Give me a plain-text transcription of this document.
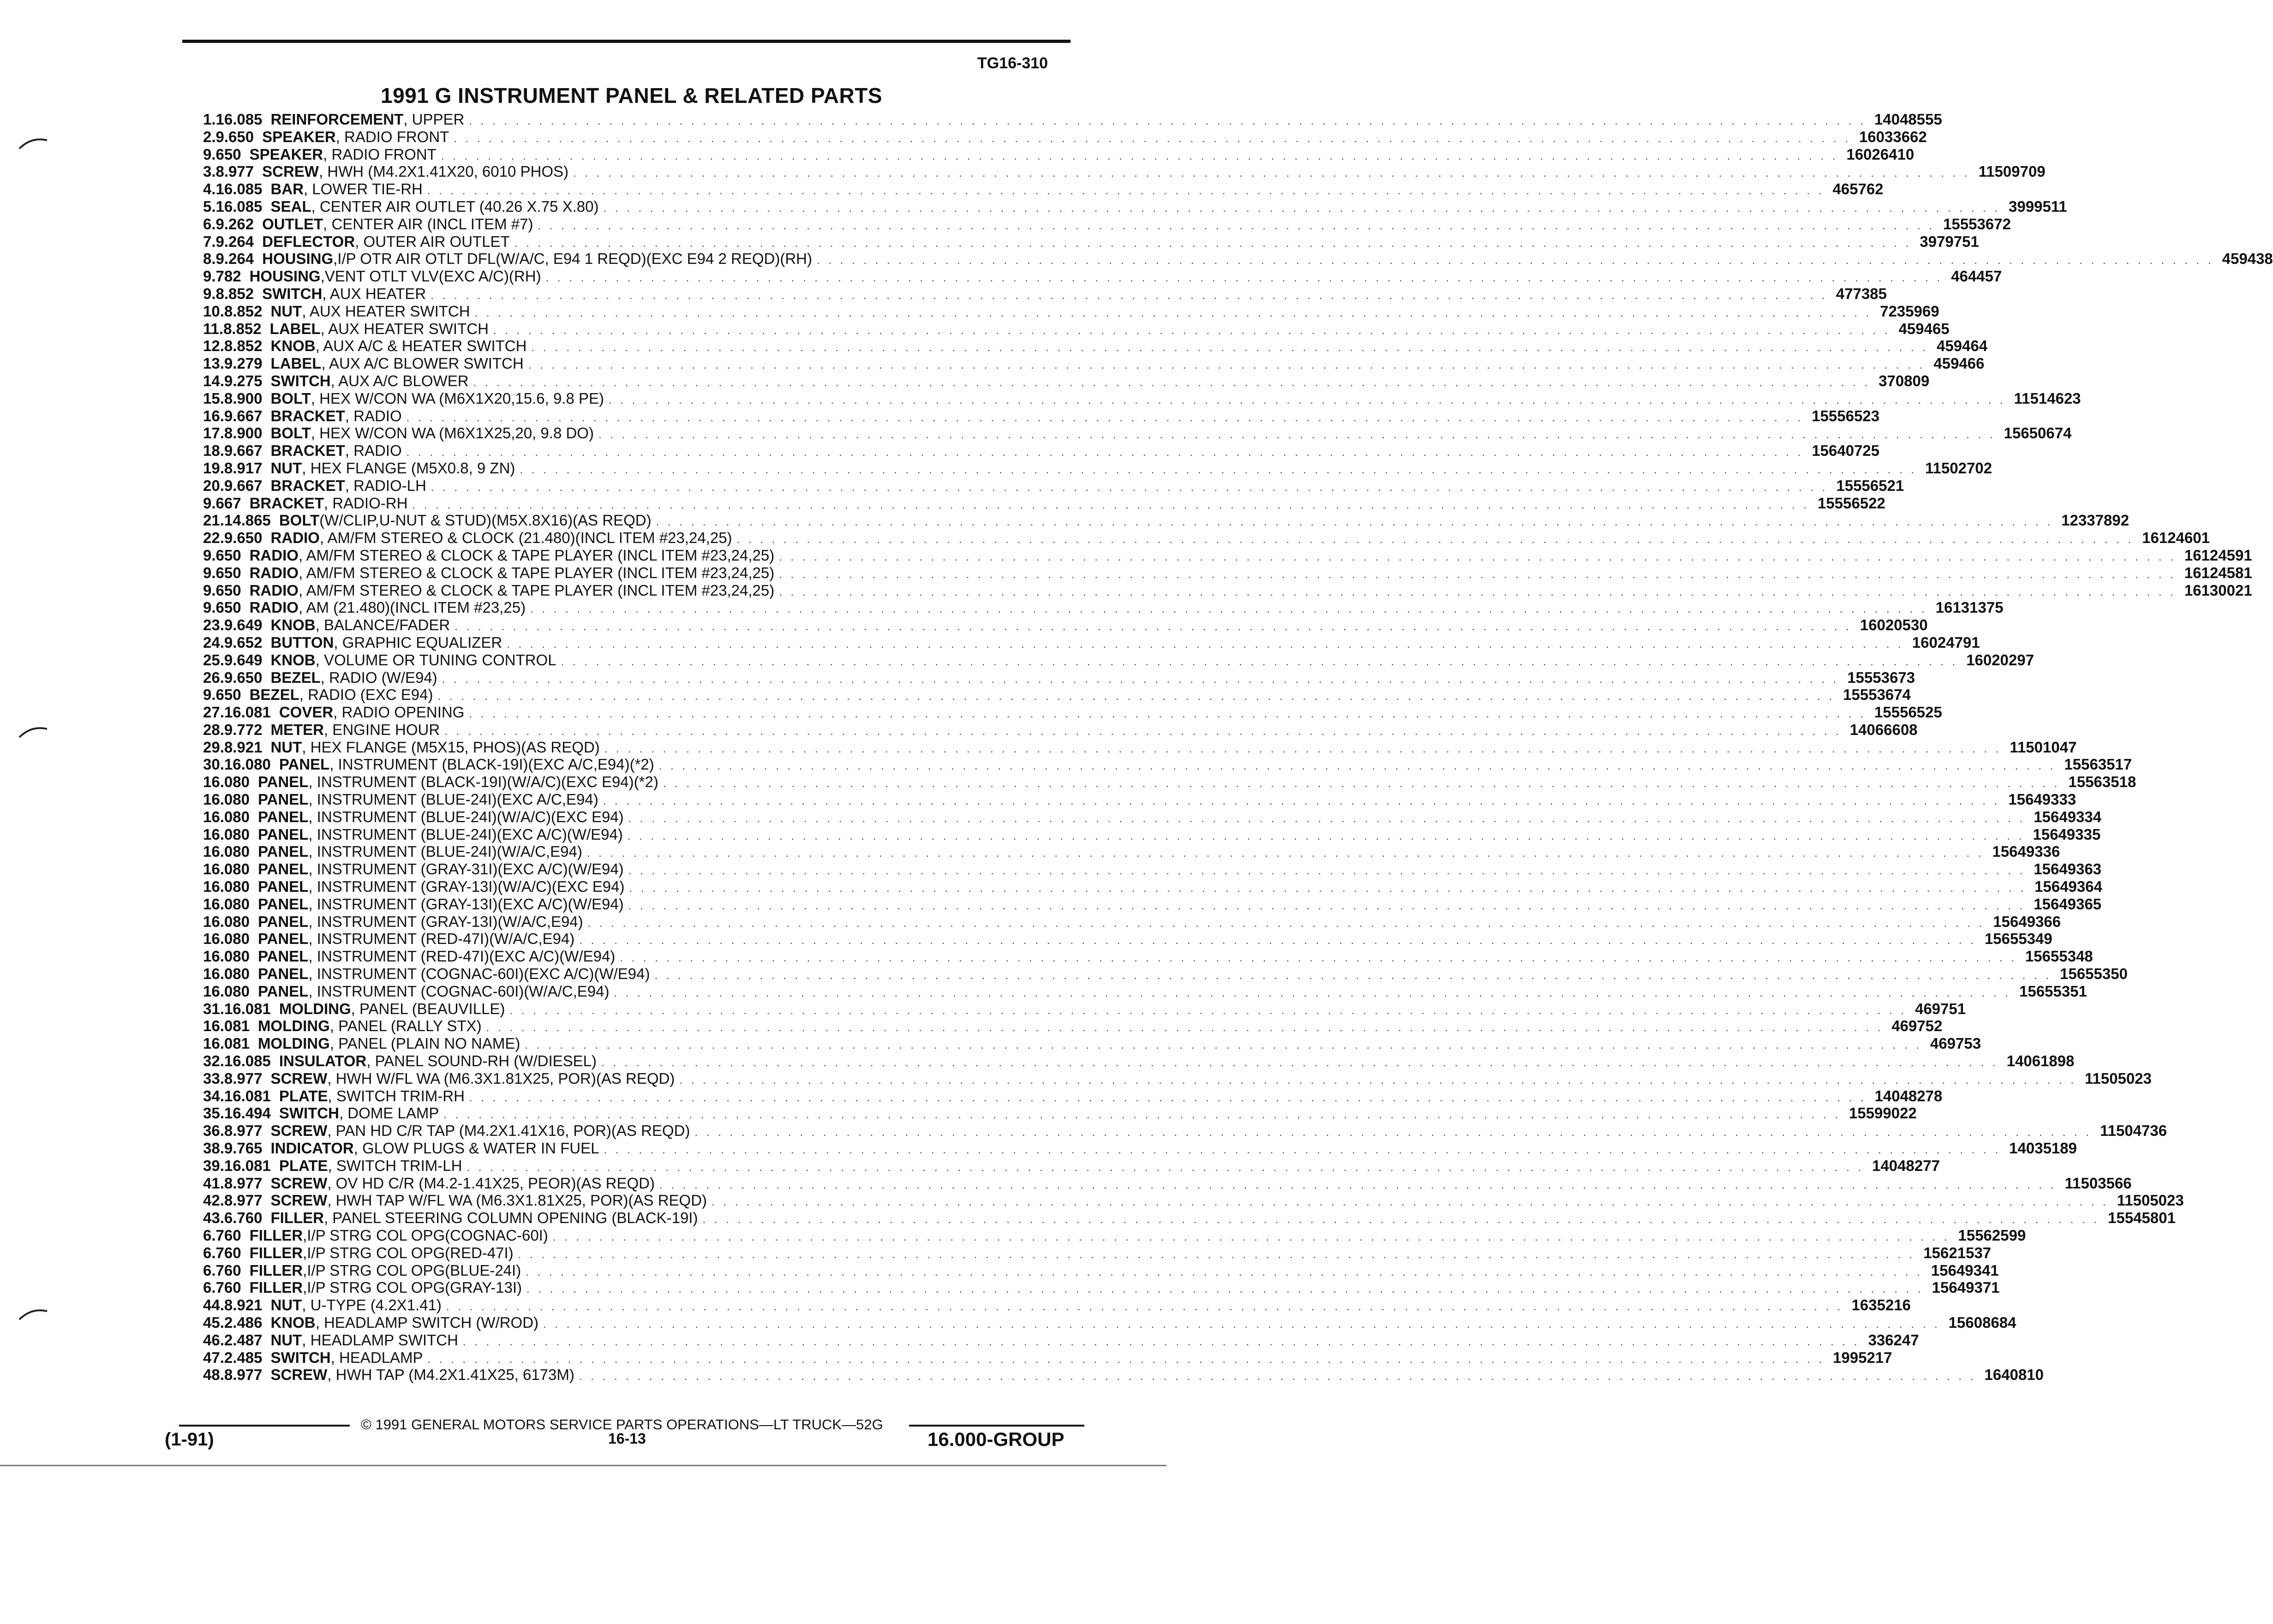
TG16-310
1991 G INSTRUMENT PANEL & RELATED PARTS
1. 16.085 REINFORCEMENT , UPPER . . . . . . . . . . . . . . . . . . . . . . . . . . . . . . . . . . . . . . . . . . . . . . . . . . . . . . . . . . . . . . . . . . . . . . . . . . . . . . . . . . . . . . . . . . . . . . . . . . . . . . . . . . . . . . . . . . . . . . . . 14048555
2. 9.650 SPEAKER , RADIO FRONT . . . . . . . . . . . . . . . . . . . . . . . . . . . . . . . . . . . . . . . . . . . . . . . . . . . . . . . . . . . . . . . . . . . . . . . . . . . . . . . . . . . . . . . . . . . . . . . . . . . . . . . . . . . . . . . . . . . . . . . . 16033662
9.650 SPEAKER , RADIO FRONT . . . . . . . . . . . . . . . . . . . . . . . . . . . . . . . . . . . . . . . . . . . . . . . . . . . . . . . . . . . . . . . . . . . . . . . . . . . . . . . . . . . . . . . . . . . . . . . . . . . . . . . . . . . . . . . . . . . . . . . . 16026410
3. 8.977 SCREW , HWH (M4.2X1.41X20, 6010 PHOS) . . . . . . . . . . . . . . . . . . . . . . . . . . . . . . . . . . . . . . . . . . . . . . . . . . . . . . . . . . . . . . . . . . . . . . . . . . . . . . . . . . . . . . . . . . . . . . . . . . . . . . . . . . . . . . . . . . . . . . . . 11509709
4. 16.085 BAR , LOWER TIE-RH . . . . . . . . . . . . . . . . . . . . . . . . . . . . . . . . . . . . . . . . . . . . . . . . . . . . . . . . . . . . . . . . . . . . . . . . . . . . . . . . . . . . . . . . . . . . . . . . . . . . . . . . . . . . . . . . . . . . . . . . 465762
5. 16.085 SEAL , CENTER AIR OUTLET (40.26 X.75 X.80) . . . . . . . . . . . . . . . . . . . . . . . . . . . . . . . . . . . . . . . . . . . . . . . . . . . . . . . . . . . . . . . . . . . . . . . . . . . . . . . . . . . . . . . . . . . . . . . . . . . . . . . . . . . . . . . . . . . . . . . . 3999511
6. 9.262 OUTLET , CENTER AIR (INCL ITEM #7) . . . . . . . . . . . . . . . . . . . . . . . . . . . . . . . . . . . . . . . . . . . . . . . . . . . . . . . . . . . . . . . . . . . . . . . . . . . . . . . . . . . . . . . . . . . . . . . . . . . . . . . . . . . . . . . . . . . . . . . . 15553672
7. 9.264 DEFLECTOR , OUTER AIR OUTLET . . . . . . . . . . . . . . . . . . . . . . . . . . . . . . . . . . . . . . . . . . . . . . . . . . . . . . . . . . . . . . . . . . . . . . . . . . . . . . . . . . . . . . . . . . . . . . . . . . . . . . . . . . . . . . . . . . . . . . . . 3979751
8. 9.264 HOUSING ,I/P OTR AIR OTLT DFL(W/A/C, E94 1 REQD)(EXC E94 2 REQD)(RH) . . . . . . . . . . . . . . . . . . . . . . . . . . . . . . . . . . . . . . . . . . . . . . . . . . . . . . . . . . . . . . . . . . . . . . . . . . . . . . . . . . . . . . . . . . . . . . . . . . . . . . . . . . . . . . . . . . . . . . . . 459438
9.782 HOUSING ,VENT OTLT VLV(EXC A/C)(RH) . . . . . . . . . . . . . . . . . . . . . . . . . . . . . . . . . . . . . . . . . . . . . . . . . . . . . . . . . . . . . . . . . . . . . . . . . . . . . . . . . . . . . . . . . . . . . . . . . . . . . . . . . . . . . . . . . . . . . . . . 464457
9. 8.852 SWITCH , AUX HEATER . . . . . . . . . . . . . . . . . . . . . . . . . . . . . . . . . . . . . . . . . . . . . . . . . . . . . . . . . . . . . . . . . . . . . . . . . . . . . . . . . . . . . . . . . . . . . . . . . . . . . . . . . . . . . . . . . . . . . . . . 477385
10. 8.852 NUT , AUX HEATER SWITCH . . . . . . . . . . . . . . . . . . . . . . . . . . . . . . . . . . . . . . . . . . . . . . . . . . . . . . . . . . . . . . . . . . . . . . . . . . . . . . . . . . . . . . . . . . . . . . . . . . . . . . . . . . . . . . . . . . . . . . . . 7235969
11. 8.852 LABEL , AUX HEATER SWITCH . . . . . . . . . . . . . . . . . . . . . . . . . . . . . . . . . . . . . . . . . . . . . . . . . . . . . . . . . . . . . . . . . . . . . . . . . . . . . . . . . . . . . . . . . . . . . . . . . . . . . . . . . . . . . . . . . . . . . . . . 459465
12. 8.852 KNOB , AUX A/C & HEATER SWITCH . . . . . . . . . . . . . . . . . . . . . . . . . . . . . . . . . . . . . . . . . . . . . . . . . . . . . . . . . . . . . . . . . . . . . . . . . . . . . . . . . . . . . . . . . . . . . . . . . . . . . . . . . . . . . . . . . . . . . . . . 459464
13. 9.279 LABEL , AUX A/C BLOWER SWITCH . . . . . . . . . . . . . . . . . . . . . . . . . . . . . . . . . . . . . . . . . . . . . . . . . . . . . . . . . . . . . . . . . . . . . . . . . . . . . . . . . . . . . . . . . . . . . . . . . . . . . . . . . . . . . . . . . . . . . . . . 459466
14. 9.275 SWITCH , AUX A/C BLOWER . . . . . . . . . . . . . . . . . . . . . . . . . . . . . . . . . . . . . . . . . . . . . . . . . . . . . . . . . . . . . . . . . . . . . . . . . . . . . . . . . . . . . . . . . . . . . . . . . . . . . . . . . . . . . . . . . . . . . . . . 370809
15. 8.900 BOLT , HEX W/CON WA (M6X1X20,15.6, 9.8 PE) . . . . . . . . . . . . . . . . . . . . . . . . . . . . . . . . . . . . . . . . . . . . . . . . . . . . . . . . . . . . . . . . . . . . . . . . . . . . . . . . . . . . . . . . . . . . . . . . . . . . . . . . . . . . . . . . . . . . . . . . 11514623
16. 9.667 BRACKET , RADIO . . . . . . . . . . . . . . . . . . . . . . . . . . . . . . . . . . . . . . . . . . . . . . . . . . . . . . . . . . . . . . . . . . . . . . . . . . . . . . . . . . . . . . . . . . . . . . . . . . . . . . . . . . . . . . . . . . . . . . . . 15556523
17. 8.900 BOLT , HEX W/CON WA (M6X1X25,20, 9.8 DO) . . . . . . . . . . . . . . . . . . . . . . . . . . . . . . . . . . . . . . . . . . . . . . . . . . . . . . . . . . . . . . . . . . . . . . . . . . . . . . . . . . . . . . . . . . . . . . . . . . . . . . . . . . . . . . . . . . . . . . . . 15650674
18. 9.667 BRACKET , RADIO . . . . . . . . . . . . . . . . . . . . . . . . . . . . . . . . . . . . . . . . . . . . . . . . . . . . . . . . . . . . . . . . . . . . . . . . . . . . . . . . . . . . . . . . . . . . . . . . . . . . . . . . . . . . . . . . . . . . . . . . 15640725
19. 8.917 NUT , HEX FLANGE (M5X0.8, 9 ZN) . . . . . . . . . . . . . . . . . . . . . . . . . . . . . . . . . . . . . . . . . . . . . . . . . . . . . . . . . . . . . . . . . . . . . . . . . . . . . . . . . . . . . . . . . . . . . . . . . . . . . . . . . . . . . . . . . . . . . . . . 11502702
20. 9.667 BRACKET , RADIO-LH . . . . . . . . . . . . . . . . . . . . . . . . . . . . . . . . . . . . . . . . . . . . . . . . . . . . . . . . . . . . . . . . . . . . . . . . . . . . . . . . . . . . . . . . . . . . . . . . . . . . . . . . . . . . . . . . . . . . . . . . 15556521
9.667 BRACKET , RADIO-RH . . . . . . . . . . . . . . . . . . . . . . . . . . . . . . . . . . . . . . . . . . . . . . . . . . . . . . . . . . . . . . . . . . . . . . . . . . . . . . . . . . . . . . . . . . . . . . . . . . . . . . . . . . . . . . . . . . . . . . . . 15556522
21. 14.865 BOLT (W/CLIP,U-NUT & STUD)(M5X.8X16)(AS REQD) . . . . . . . . . . . . . . . . . . . . . . . . . . . . . . . . . . . . . . . . . . . . . . . . . . . . . . . . . . . . . . . . . . . . . . . . . . . . . . . . . . . . . . . . . . . . . . . . . . . . . . . . . . . . . . . . . . . . . . . . 12337892
22. 9.650 RADIO , AM/FM STEREO & CLOCK (21.480)(INCL ITEM #23,24,25) . . . . . . . . . . . . . . . . . . . . . . . . . . . . . . . . . . . . . . . . . . . . . . . . . . . . . . . . . . . . . . . . . . . . . . . . . . . . . . . . . . . . . . . . . . . . . . . . . . . . . . . . . . . . . . . . . . . . . . . . 16124601
9.650 RADIO , AM/FM STEREO & CLOCK & TAPE PLAYER (INCL ITEM #23,24,25) . . . . . . . . . . . . . . . . . . . . . . . . . . . . . . . . . . . . . . . . . . . . . . . . . . . . . . . . . . . . . . . . . . . . . . . . . . . . . . . . . . . . . . . . . . . . . . . . . . . . . . . . . . . . . . . . . . . . . . . . 16124591
9.650 RADIO , AM/FM STEREO & CLOCK & TAPE PLAYER (INCL ITEM #23,24,25) . . . . . . . . . . . . . . . . . . . . . . . . . . . . . . . . . . . . . . . . . . . . . . . . . . . . . . . . . . . . . . . . . . . . . . . . . . . . . . . . . . . . . . . . . . . . . . . . . . . . . . . . . . . . . . . . . . . . . . . . 16124581
9.650 RADIO , AM/FM STEREO & CLOCK & TAPE PLAYER (INCL ITEM #23,24,25) . . . . . . . . . . . . . . . . . . . . . . . . . . . . . . . . . . . . . . . . . . . . . . . . . . . . . . . . . . . . . . . . . . . . . . . . . . . . . . . . . . . . . . . . . . . . . . . . . . . . . . . . . . . . . . . . . . . . . . . . 16130021
9.650 RADIO , AM (21.480)(INCL ITEM #23,25) . . . . . . . . . . . . . . . . . . . . . . . . . . . . . . . . . . . . . . . . . . . . . . . . . . . . . . . . . . . . . . . . . . . . . . . . . . . . . . . . . . . . . . . . . . . . . . . . . . . . . . . . . . . . . . . . . . . . . . . . 16131375
23. 9.649 KNOB , BALANCE/FADER . . . . . . . . . . . . . . . . . . . . . . . . . . . . . . . . . . . . . . . . . . . . . . . . . . . . . . . . . . . . . . . . . . . . . . . . . . . . . . . . . . . . . . . . . . . . . . . . . . . . . . . . . . . . . . . . . . . . . . . . 16020530
24. 9.652 BUTTON , GRAPHIC EQUALIZER . . . . . . . . . . . . . . . . . . . . . . . . . . . . . . . . . . . . . . . . . . . . . . . . . . . . . . . . . . . . . . . . . . . . . . . . . . . . . . . . . . . . . . . . . . . . . . . . . . . . . . . . . . . . . . . . . . . . . . . . 16024791
25. 9.649 KNOB , VOLUME OR TUNING CONTROL . . . . . . . . . . . . . . . . . . . . . . . . . . . . . . . . . . . . . . . . . . . . . . . . . . . . . . . . . . . . . . . . . . . . . . . . . . . . . . . . . . . . . . . . . . . . . . . . . . . . . . . . . . . . . . . . . . . . . . . . 16020297
26. 9.650 BEZEL , RADIO (W/E94) . . . . . . . . . . . . . . . . . . . . . . . . . . . . . . . . . . . . . . . . . . . . . . . . . . . . . . . . . . . . . . . . . . . . . . . . . . . . . . . . . . . . . . . . . . . . . . . . . . . . . . . . . . . . . . . . . . . . . . . . 15553673
9.650 BEZEL , RADIO (EXC E94) . . . . . . . . . . . . . . . . . . . . . . . . . . . . . . . . . . . . . . . . . . . . . . . . . . . . . . . . . . . . . . . . . . . . . . . . . . . . . . . . . . . . . . . . . . . . . . . . . . . . . . . . . . . . . . . . . . . . . . . . 15553674
27. 16.081 COVER , RADIO OPENING . . . . . . . . . . . . . . . . . . . . . . . . . . . . . . . . . . . . . . . . . . . . . . . . . . . . . . . . . . . . . . . . . . . . . . . . . . . . . . . . . . . . . . . . . . . . . . . . . . . . . . . . . . . . . . . . . . . . . . . . 15556525
28. 9.772 METER , ENGINE HOUR . . . . . . . . . . . . . . . . . . . . . . . . . . . . . . . . . . . . . . . . . . . . . . . . . . . . . . . . . . . . . . . . . . . . . . . . . . . . . . . . . . . . . . . . . . . . . . . . . . . . . . . . . . . . . . . . . . . . . . . . 14066608
29. 8.921 NUT , HEX FLANGE (M5X15, PHOS)(AS REQD) . . . . . . . . . . . . . . . . . . . . . . . . . . . . . . . . . . . . . . . . . . . . . . . . . . . . . . . . . . . . . . . . . . . . . . . . . . . . . . . . . . . . . . . . . . . . . . . . . . . . . . . . . . . . . . . . . . . . . . . . 11501047
30. 16.080 PANEL , INSTRUMENT (BLACK-19I)(EXC A/C,E94)(*2) . . . . . . . . . . . . . . . . . . . . . . . . . . . . . . . . . . . . . . . . . . . . . . . . . . . . . . . . . . . . . . . . . . . . . . . . . . . . . . . . . . . . . . . . . . . . . . . . . . . . . . . . . . . . . . . . . . . . . . . . 15563517
16.080 PANEL , INSTRUMENT (BLACK-19I)(W/A/C)(EXC E94)(*2) . . . . . . . . . . . . . . . . . . . . . . . . . . . . . . . . . . . . . . . . . . . . . . . . . . . . . . . . . . . . . . . . . . . . . . . . . . . . . . . . . . . . . . . . . . . . . . . . . . . . . . . . . . . . . . . . . . . . . . . . 15563518
16.080 PANEL , INSTRUMENT (BLUE-24I)(EXC A/C,E94) . . . . . . . . . . . . . . . . . . . . . . . . . . . . . . . . . . . . . . . . . . . . . . . . . . . . . . . . . . . . . . . . . . . . . . . . . . . . . . . . . . . . . . . . . . . . . . . . . . . . . . . . . . . . . . . . . . . . . . . . 15649333
16.080 PANEL , INSTRUMENT (BLUE-24I)(W/A/C)(EXC E94) . . . . . . . . . . . . . . . . . . . . . . . . . . . . . . . . . . . . . . . . . . . . . . . . . . . . . . . . . . . . . . . . . . . . . . . . . . . . . . . . . . . . . . . . . . . . . . . . . . . . . . . . . . . . . . . . . . . . . . . . 15649334
16.080 PANEL , INSTRUMENT (BLUE-24I)(EXC A/C)(W/E94) . . . . . . . . . . . . . . . . . . . . . . . . . . . . . . . . . . . . . . . . . . . . . . . . . . . . . . . . . . . . . . . . . . . . . . . . . . . . . . . . . . . . . . . . . . . . . . . . . . . . . . . . . . . . . . . . . . . . . . . . 15649335
16.080 PANEL , INSTRUMENT (BLUE-24I)(W/A/C,E94) . . . . . . . . . . . . . . . . . . . . . . . . . . . . . . . . . . . . . . . . . . . . . . . . . . . . . . . . . . . . . . . . . . . . . . . . . . . . . . . . . . . . . . . . . . . . . . . . . . . . . . . . . . . . . . . . . . . . . . . . 15649336
16.080 PANEL , INSTRUMENT (GRAY-31I)(EXC A/C)(W/E94) . . . . . . . . . . . . . . . . . . . . . . . . . . . . . . . . . . . . . . . . . . . . . . . . . . . . . . . . . . . . . . . . . . . . . . . . . . . . . . . . . . . . . . . . . . . . . . . . . . . . . . . . . . . . . . . . . . . . . . . . 15649363
16.080 PANEL , INSTRUMENT (GRAY-13I)(W/A/C)(EXC E94) . . . . . . . . . . . . . . . . . . . . . . . . . . . . . . . . . . . . . . . . . . . . . . . . . . . . . . . . . . . . . . . . . . . . . . . . . . . . . . . . . . . . . . . . . . . . . . . . . . . . . . . . . . . . . . . . . . . . . . . . 15649364
16.080 PANEL , INSTRUMENT (GRAY-13I)(EXC A/C)(W/E94) . . . . . . . . . . . . . . . . . . . . . . . . . . . . . . . . . . . . . . . . . . . . . . . . . . . . . . . . . . . . . . . . . . . . . . . . . . . . . . . . . . . . . . . . . . . . . . . . . . . . . . . . . . . . . . . . . . . . . . . . 15649365
16.080 PANEL , INSTRUMENT (GRAY-13I)(W/A/C,E94) . . . . . . . . . . . . . . . . . . . . . . . . . . . . . . . . . . . . . . . . . . . . . . . . . . . . . . . . . . . . . . . . . . . . . . . . . . . . . . . . . . . . . . . . . . . . . . . . . . . . . . . . . . . . . . . . . . . . . . . . 15649366
16.080 PANEL , INSTRUMENT (RED-47I)(W/A/C,E94) . . . . . . . . . . . . . . . . . . . . . . . . . . . . . . . . . . . . . . . . . . . . . . . . . . . . . . . . . . . . . . . . . . . . . . . . . . . . . . . . . . . . . . . . . . . . . . . . . . . . . . . . . . . . . . . . . . . . . . . . 15655349
16.080 PANEL , INSTRUMENT (RED-47I)(EXC A/C)(W/E94) . . . . . . . . . . . . . . . . . . . . . . . . . . . . . . . . . . . . . . . . . . . . . . . . . . . . . . . . . . . . . . . . . . . . . . . . . . . . . . . . . . . . . . . . . . . . . . . . . . . . . . . . . . . . . . . . . . . . . . . . 15655348
16.080 PANEL , INSTRUMENT (COGNAC-60I)(EXC A/C)(W/E94) . . . . . . . . . . . . . . . . . . . . . . . . . . . . . . . . . . . . . . . . . . . . . . . . . . . . . . . . . . . . . . . . . . . . . . . . . . . . . . . . . . . . . . . . . . . . . . . . . . . . . . . . . . . . . . . . . . . . . . . . 15655350
16.080 PANEL , INSTRUMENT (COGNAC-60I)(W/A/C,E94) . . . . . . . . . . . . . . . . . . . . . . . . . . . . . . . . . . . . . . . . . . . . . . . . . . . . . . . . . . . . . . . . . . . . . . . . . . . . . . . . . . . . . . . . . . . . . . . . . . . . . . . . . . . . . . . . . . . . . . . . 15655351
31. 16.081 MOLDING , PANEL (BEAUVILLE) . . . . . . . . . . . . . . . . . . . . . . . . . . . . . . . . . . . . . . . . . . . . . . . . . . . . . . . . . . . . . . . . . . . . . . . . . . . . . . . . . . . . . . . . . . . . . . . . . . . . . . . . . . . . . . . . . . . . . . . . 469751
16.081 MOLDING , PANEL (RALLY STX) . . . . . . . . . . . . . . . . . . . . . . . . . . . . . . . . . . . . . . . . . . . . . . . . . . . . . . . . . . . . . . . . . . . . . . . . . . . . . . . . . . . . . . . . . . . . . . . . . . . . . . . . . . . . . . . . . . . . . . . . 469752
16.081 MOLDING , PANEL (PLAIN NO NAME) . . . . . . . . . . . . . . . . . . . . . . . . . . . . . . . . . . . . . . . . . . . . . . . . . . . . . . . . . . . . . . . . . . . . . . . . . . . . . . . . . . . . . . . . . . . . . . . . . . . . . . . . . . . . . . . . . . . . . . . . 469753
32. 16.085 INSULATOR , PANEL SOUND-RH (W/DIESEL) . . . . . . . . . . . . . . . . . . . . . . . . . . . . . . . . . . . . . . . . . . . . . . . . . . . . . . . . . . . . . . . . . . . . . . . . . . . . . . . . . . . . . . . . . . . . . . . . . . . . . . . . . . . . . . . . . . . . . . . . 14061898
33. 8.977 SCREW , HWH W/FL WA (M6.3X1.81X25, POR)(AS REQD) . . . . . . . . . . . . . . . . . . . . . . . . . . . . . . . . . . . . . . . . . . . . . . . . . . . . . . . . . . . . . . . . . . . . . . . . . . . . . . . . . . . . . . . . . . . . . . . . . . . . . . . . . . . . . . . . . . . . . . . . 11505023
34. 16.081 PLATE , SWITCH TRIM-RH . . . . . . . . . . . . . . . . . . . . . . . . . . . . . . . . . . . . . . . . . . . . . . . . . . . . . . . . . . . . . . . . . . . . . . . . . . . . . . . . . . . . . . . . . . . . . . . . . . . . . . . . . . . . . . . . . . . . . . . . 14048278
35. 16.494 SWITCH , DOME LAMP . . . . . . . . . . . . . . . . . . . . . . . . . . . . . . . . . . . . . . . . . . . . . . . . . . . . . . . . . . . . . . . . . . . . . . . . . . . . . . . . . . . . . . . . . . . . . . . . . . . . . . . . . . . . . . . . . . . . . . . . 15599022
36. 8.977 SCREW , PAN HD C/R TAP (M4.2X1.41X16, POR)(AS REQD) . . . . . . . . . . . . . . . . . . . . . . . . . . . . . . . . . . . . . . . . . . . . . . . . . . . . . . . . . . . . . . . . . . . . . . . . . . . . . . . . . . . . . . . . . . . . . . . . . . . . . . . . . . . . . . . . . . . . . . . . 11504736
38. 9.765 INDICATOR , GLOW PLUGS & WATER IN FUEL . . . . . . . . . . . . . . . . . . . . . . . . . . . . . . . . . . . . . . . . . . . . . . . . . . . . . . . . . . . . . . . . . . . . . . . . . . . . . . . . . . . . . . . . . . . . . . . . . . . . . . . . . . . . . . . . . . . . . . . . 14035189
39. 16.081 PLATE , SWITCH TRIM-LH . . . . . . . . . . . . . . . . . . . . . . . . . . . . . . . . . . . . . . . . . . . . . . . . . . . . . . . . . . . . . . . . . . . . . . . . . . . . . . . . . . . . . . . . . . . . . . . . . . . . . . . . . . . . . . . . . . . . . . . . 14048277
41. 8.977 SCREW , OV HD C/R (M4.2-1.41X25, PEOR)(AS REQD) . . . . . . . . . . . . . . . . . . . . . . . . . . . . . . . . . . . . . . . . . . . . . . . . . . . . . . . . . . . . . . . . . . . . . . . . . . . . . . . . . . . . . . . . . . . . . . . . . . . . . . . . . . . . . . . . . . . . . . . . 11503566
42. 8.977 SCREW , HWH TAP W/FL WA (M6.3X1.81X25, POR)(AS REQD) . . . . . . . . . . . . . . . . . . . . . . . . . . . . . . . . . . . . . . . . . . . . . . . . . . . . . . . . . . . . . . . . . . . . . . . . . . . . . . . . . . . . . . . . . . . . . . . . . . . . . . . . . . . . . . . . . . . . . . . . 11505023
43. 6.760 FILLER , PANEL STEERING COLUMN OPENING (BLACK-19I) . . . . . . . . . . . . . . . . . . . . . . . . . . . . . . . . . . . . . . . . . . . . . . . . . . . . . . . . . . . . . . . . . . . . . . . . . . . . . . . . . . . . . . . . . . . . . . . . . . . . . . . . . . . . . . . . . . . . . . . . 15545801
6.760 FILLER ,I/P STRG COL OPG(COGNAC-60I) . . . . . . . . . . . . . . . . . . . . . . . . . . . . . . . . . . . . . . . . . . . . . . . . . . . . . . . . . . . . . . . . . . . . . . . . . . . . . . . . . . . . . . . . . . . . . . . . . . . . . . . . . . . . . . . . . . . . . . . . 15562599
6.760 FILLER ,I/P STRG COL OPG(RED-47I) . . . . . . . . . . . . . . . . . . . . . . . . . . . . . . . . . . . . . . . . . . . . . . . . . . . . . . . . . . . . . . . . . . . . . . . . . . . . . . . . . . . . . . . . . . . . . . . . . . . . . . . . . . . . . . . . . . . . . . . . 15621537
6.760 FILLER ,I/P STRG COL OPG(BLUE-24I) . . . . . . . . . . . . . . . . . . . . . . . . . . . . . . . . . . . . . . . . . . . . . . . . . . . . . . . . . . . . . . . . . . . . . . . . . . . . . . . . . . . . . . . . . . . . . . . . . . . . . . . . . . . . . . . . . . . . . . . . 15649341
6.760 FILLER ,I/P STRG COL OPG(GRAY-13I) . . . . . . . . . . . . . . . . . . . . . . . . . . . . . . . . . . . . . . . . . . . . . . . . . . . . . . . . . . . . . . . . . . . . . . . . . . . . . . . . . . . . . . . . . . . . . . . . . . . . . . . . . . . . . . . . . . . . . . . . 15649371
44. 8.921 NUT , U-TYPE (4.2X1.41) . . . . . . . . . . . . . . . . . . . . . . . . . . . . . . . . . . . . . . . . . . . . . . . . . . . . . . . . . . . . . . . . . . . . . . . . . . . . . . . . . . . . . . . . . . . . . . . . . . . . . . . . . . . . . . . . . . . . . . . . 1635216
45. 2.486 KNOB , HEADLAMP SWITCH (W/ROD) . . . . . . . . . . . . . . . . . . . . . . . . . . . . . . . . . . . . . . . . . . . . . . . . . . . . . . . . . . . . . . . . . . . . . . . . . . . . . . . . . . . . . . . . . . . . . . . . . . . . . . . . . . . . . . . . . . . . . . . . 15608684
46. 2.487 NUT , HEADLAMP SWITCH . . . . . . . . . . . . . . . . . . . . . . . . . . . . . . . . . . . . . . . . . . . . . . . . . . . . . . . . . . . . . . . . . . . . . . . . . . . . . . . . . . . . . . . . . . . . . . . . . . . . . . . . . . . . . . . . . . . . . . . . 336247
47. 2.485 SWITCH , HEADLAMP . . . . . . . . . . . . . . . . . . . . . . . . . . . . . . . . . . . . . . . . . . . . . . . . . . . . . . . . . . . . . . . . . . . . . . . . . . . . . . . . . . . . . . . . . . . . . . . . . . . . . . . . . . . . . . . . . . . . . . . . 1995217
48. 8.977 SCREW , HWH TAP (M4.2X1.41X25, 6173M) . . . . . . . . . . . . . . . . . . . . . . . . . . . . . . . . . . . . . . . . . . . . . . . . . . . . . . . . . . . . . . . . . . . . . . . . . . . . . . . . . . . . . . . . . . . . . . . . . . . . . . . . . . . . . . . . . . . . . . . . 1640810
© 1991 GENERAL MOTORS SERVICE PARTS OPERATIONS—LT TRUCK—52G
(1-91)	16-13	16.000-GROUP
